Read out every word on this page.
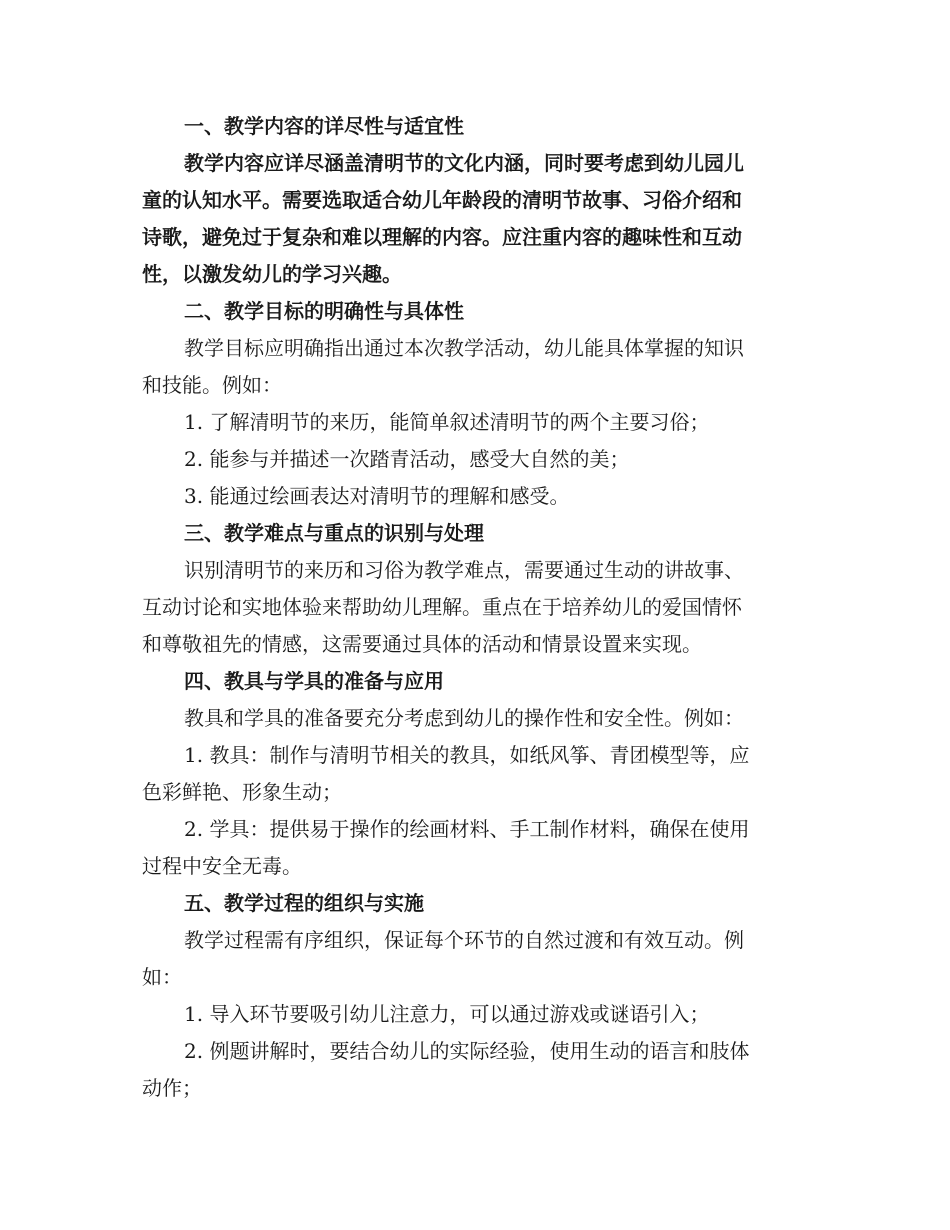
一、教学内容的详尽性与适宜性
教学内容应详尽涵盖清明节的文化内涵，同时要考虑到幼儿园儿
童的认知水平。需要选取适合幼儿年龄段的清明节故事、习俗介绍和
诗歌，避免过于复杂和难以理解的内容。应注重内容的趣味性和互动
性，以激发幼儿的学习兴趣。
二、教学目标的明确性与具体性
教学目标应明确指出通过本次教学活动，幼儿能具体掌握的知识
和技能。例如：
1. 了解清明节的来历，能简单叙述清明节的两个主要习俗；
2. 能参与并描述一次踏青活动，感受大自然的美；
3. 能通过绘画表达对清明节的理解和感受。
三、教学难点与重点的识别与处理
识别清明节的来历和习俗为教学难点，需要通过生动的讲故事、
互动讨论和实地体验来帮助幼儿理解。重点在于培养幼儿的爱国情怀
和尊敬祖先的情感，这需要通过具体的活动和情景设置来实现。
四、教具与学具的准备与应用
教具和学具的准备要充分考虑到幼儿的操作性和安全性。例如：
1. 教具：制作与清明节相关的教具，如纸风筝、青团模型等，应
色彩鲜艳、形象生动；
2. 学具：提供易于操作的绘画材料、手工制作材料，确保在使用
过程中安全无毒。
五、教学过程的组织与实施
教学过程需有序组织，保证每个环节的自然过渡和有效互动。例
如：
1. 导入环节要吸引幼儿注意力，可以通过游戏或谜语引入；
2. 例题讲解时，要结合幼儿的实际经验，使用生动的语言和肢体
动作；
